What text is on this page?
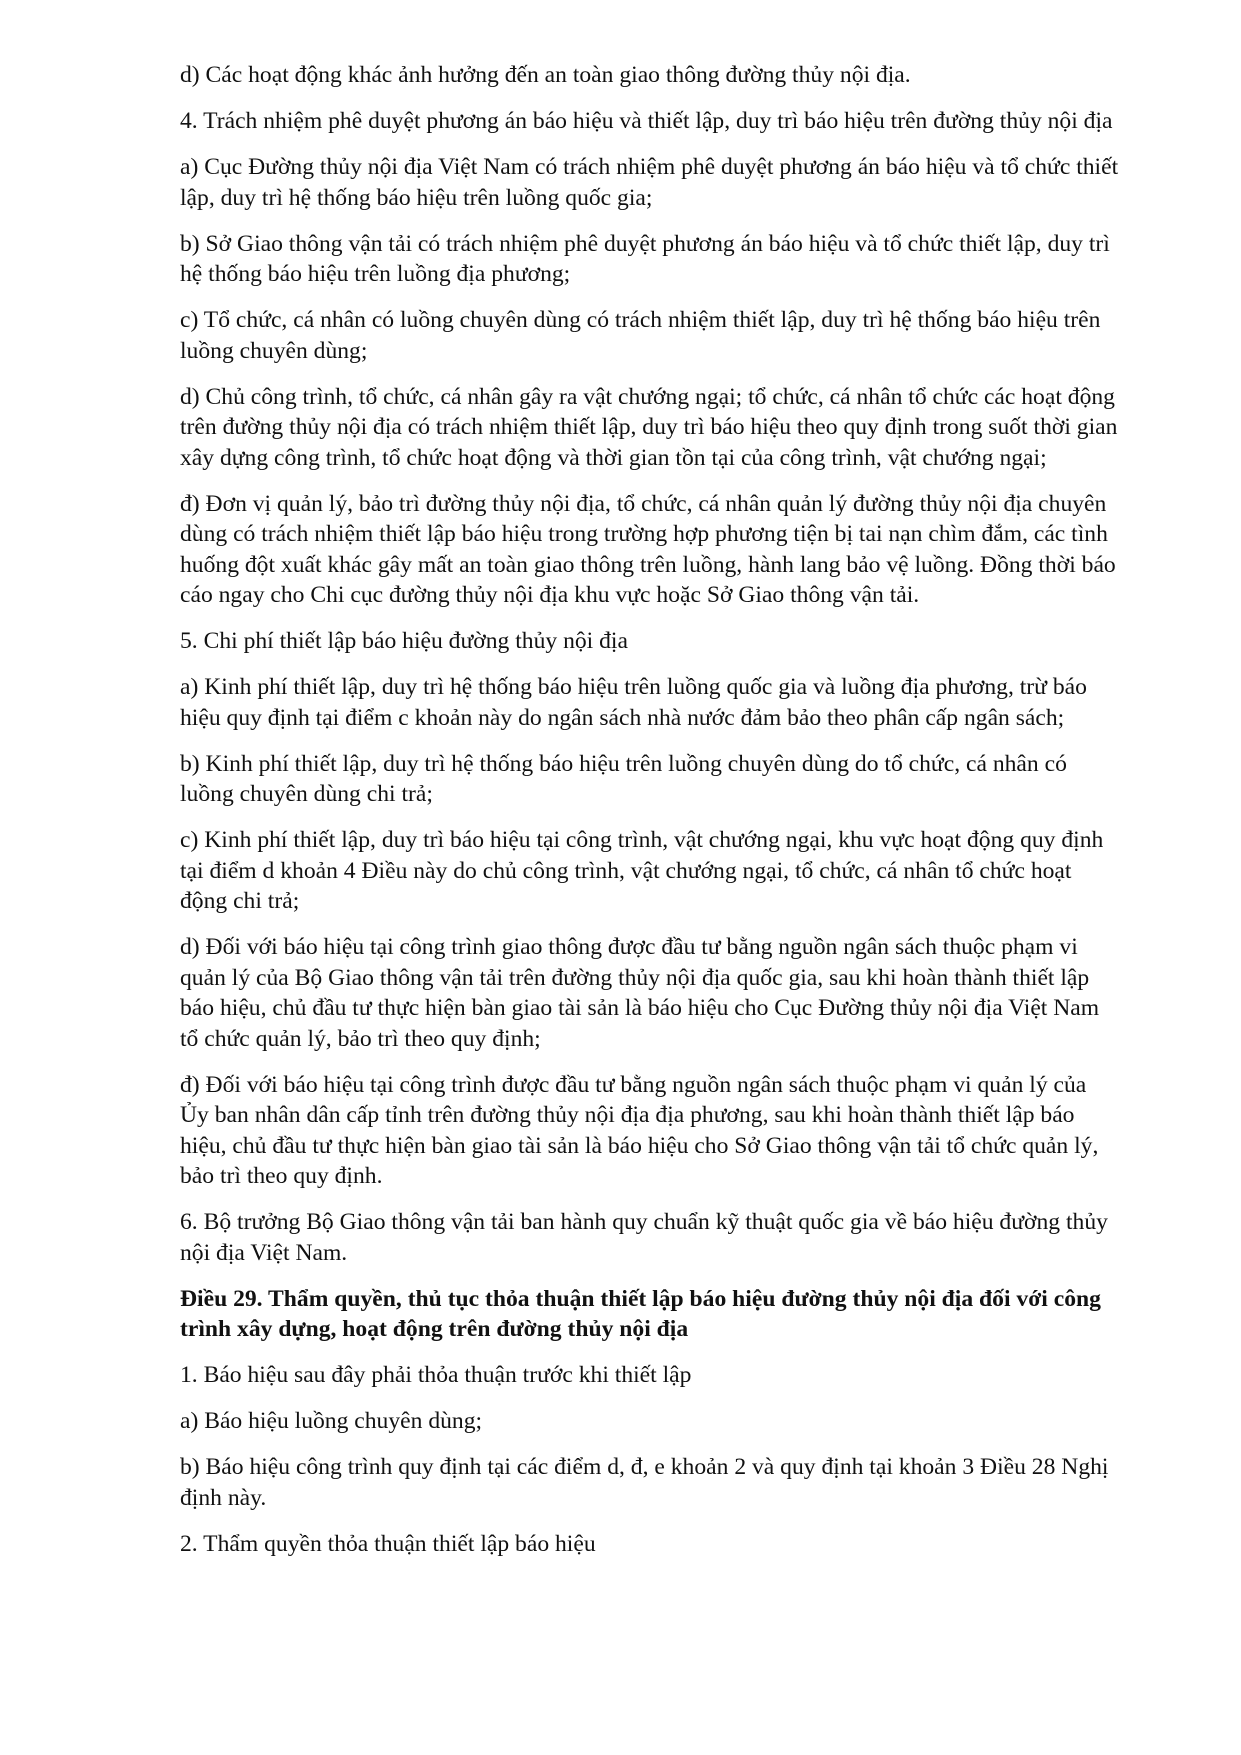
d) Các hoạt động khác ảnh hưởng đến an toàn giao thông đường thủy nội địa.

4. Trách nhiệm phê duyệt phương án báo hiệu và thiết lập, duy trì báo hiệu trên đường thủy nội địa

a) Cục Đường thủy nội địa Việt Nam có trách nhiệm phê duyệt phương án báo hiệu và tổ chức thiết lập, duy trì hệ thống báo hiệu trên luồng quốc gia;

b) Sở Giao thông vận tải có trách nhiệm phê duyệt phương án báo hiệu và tổ chức thiết lập, duy trì hệ thống báo hiệu trên luồng địa phương;

c) Tổ chức, cá nhân có luồng chuyên dùng có trách nhiệm thiết lập, duy trì hệ thống báo hiệu trên luồng chuyên dùng;

d) Chủ công trình, tổ chức, cá nhân gây ra vật chướng ngại; tổ chức, cá nhân tổ chức các hoạt động trên đường thủy nội địa có trách nhiệm thiết lập, duy trì báo hiệu theo quy định trong suốt thời gian xây dựng công trình, tổ chức hoạt động và thời gian tồn tại của công trình, vật chướng ngại;

đ) Đơn vị quản lý, bảo trì đường thủy nội địa, tổ chức, cá nhân quản lý đường thủy nội địa chuyên dùng có trách nhiệm thiết lập báo hiệu trong trường hợp phương tiện bị tai nạn chìm đắm, các tình huống đột xuất khác gây mất an toàn giao thông trên luồng, hành lang bảo vệ luồng. Đồng thời báo cáo ngay cho Chi cục đường thủy nội địa khu vực hoặc Sở Giao thông vận tải.

5. Chi phí thiết lập báo hiệu đường thủy nội địa

a) Kinh phí thiết lập, duy trì hệ thống báo hiệu trên luồng quốc gia và luồng địa phương, trừ báo hiệu quy định tại điểm c khoản này do ngân sách nhà nước đảm bảo theo phân cấp ngân sách;

b) Kinh phí thiết lập, duy trì hệ thống báo hiệu trên luồng chuyên dùng do tổ chức, cá nhân có luồng chuyên dùng chi trả;

c) Kinh phí thiết lập, duy trì báo hiệu tại công trình, vật chướng ngại, khu vực hoạt động quy định tại điểm d khoản 4 Điều này do chủ công trình, vật chướng ngại, tổ chức, cá nhân tổ chức hoạt động chi trả;

d) Đối với báo hiệu tại công trình giao thông được đầu tư bằng nguồn ngân sách thuộc phạm vi quản lý của Bộ Giao thông vận tải trên đường thủy nội địa quốc gia, sau khi hoàn thành thiết lập báo hiệu, chủ đầu tư thực hiện bàn giao tài sản là báo hiệu cho Cục Đường thủy nội địa Việt Nam tổ chức quản lý, bảo trì theo quy định;

đ) Đối với báo hiệu tại công trình được đầu tư bằng nguồn ngân sách thuộc phạm vi quản lý của Ủy ban nhân dân cấp tỉnh trên đường thủy nội địa địa phương, sau khi hoàn thành thiết lập báo hiệu, chủ đầu tư thực hiện bàn giao tài sản là báo hiệu cho Sở Giao thông vận tải tổ chức quản lý, bảo trì theo quy định.

6. Bộ trưởng Bộ Giao thông vận tải ban hành quy chuẩn kỹ thuật quốc gia về báo hiệu đường thủy nội địa Việt Nam.

Điều 29. Thẩm quyền, thủ tục thỏa thuận thiết lập báo hiệu đường thủy nội địa đối với công trình xây dựng, hoạt động trên đường thủy nội địa

1. Báo hiệu sau đây phải thỏa thuận trước khi thiết lập

a) Báo hiệu luồng chuyên dùng;

b) Báo hiệu công trình quy định tại các điểm d, đ, e khoản 2 và quy định tại khoản 3 Điều 28 Nghị định này.

2. Thẩm quyền thỏa thuận thiết lập báo hiệu
